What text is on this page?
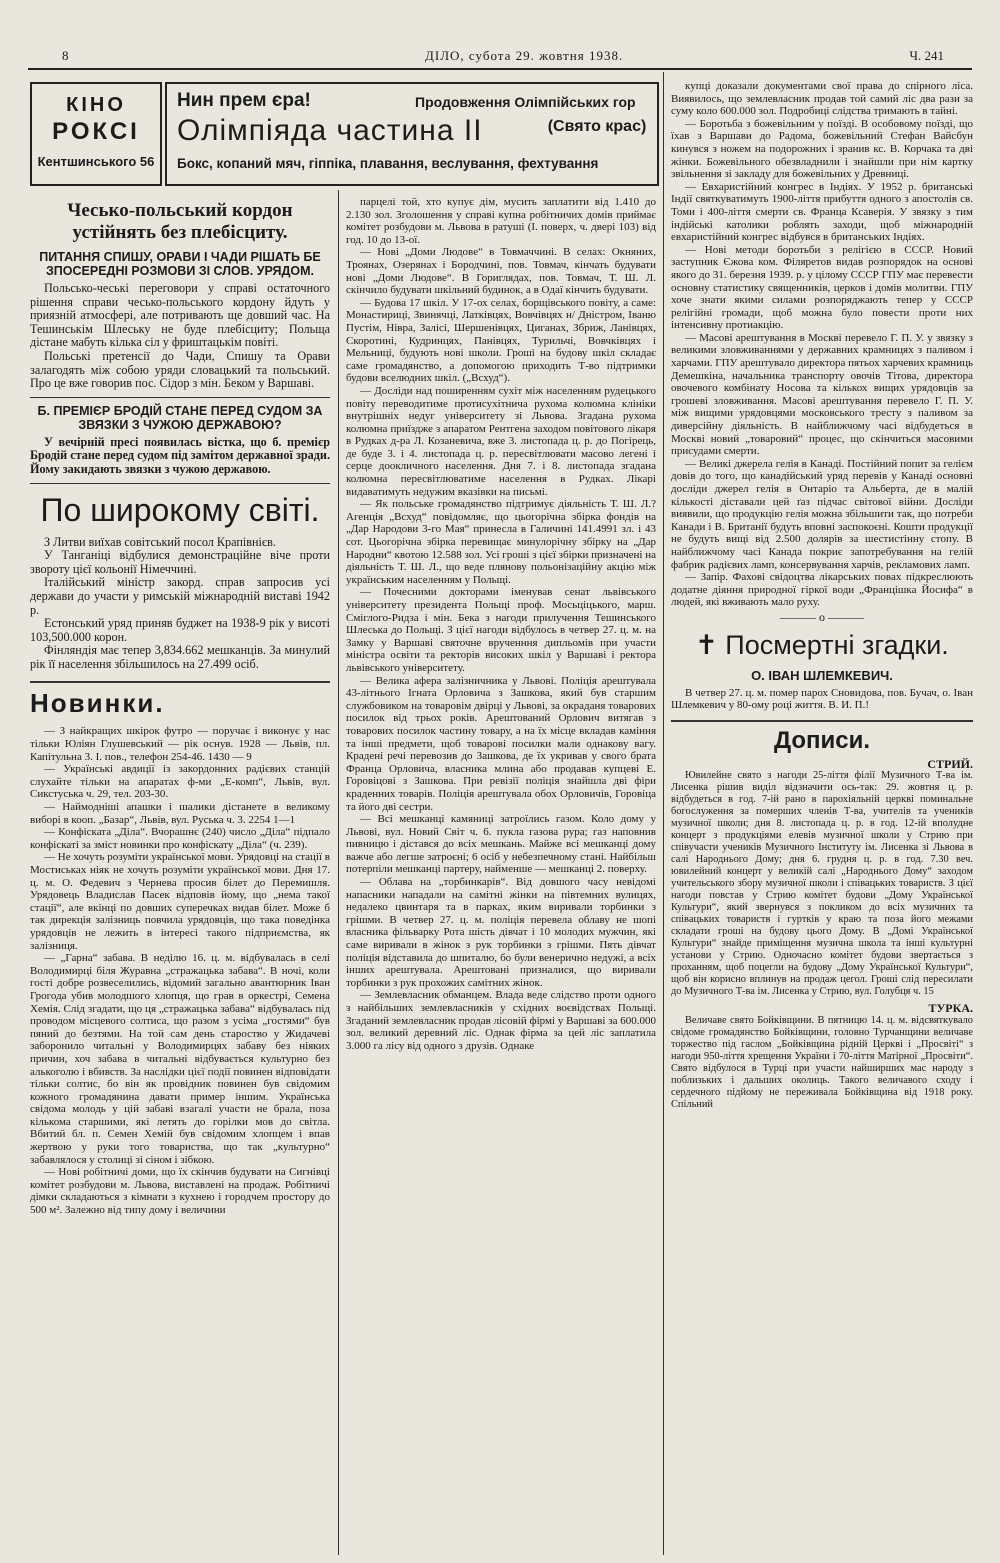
8	ДІЛО, субота 29. жовтня 1938.	Ч. 241
КІНО
РОКСІ
Кентшинського 56
Нин прем єра!	Продовження Олімпійських гор
Олімпіяда частина II	(Свято крас)
Бокс, копаний мяч, гіппіка, плавання, веслування, фехтування
Чесько-польський кордон устійнять без плебісциту.
ПИТАННЯ СПИШУ, ОРАВИ І ЧАДИ РІШАТЬ БЕ ЗПОСЕРЕДНІ РОЗМОВИ ЗІ СЛОВ. УРЯДОМ.

Польсько-чеські переговори у справі остаточного рішення справи чесько-польського кордону йдуть у приязній атмосфері, але потривають ще довший час. На Тешинськім Шлеську не буде плебісциту; Польща дістане мабуть кілька сіл у фриштацькім повіті.

Польські претенсії до Чади, Спишу та Орави залагодять між собою уряди словацький та польський. Про це вже говорив пос. Сідор з мін. Беком у Варшаві.

Б. ПРЕМІЄР БРОДІЙ СТАНЕ ПЕРЕД СУДОМ ЗА ЗВЯЗКИ З ЧУЖОЮ ДЕРЖАВОЮ?

У вечірній пресі появилась вістка, що б. премієр Бродій стане перед судом під замітом державної зради. Йому закидають звязки з чужою державою.

По широкому світі.

З Литви виїхав совітський посол Крапівнієв.

У Танганіці відбулися демонстраційне віче проти звороту цієї кольонії Німеччині.

Італійський міністр закорд. справ запросив усі держави до участи у римській міжнародній виставі 1942 р.

Естонський уряд приняв буджет на 1938-9 рік у висоті 103,500.000 корон.

Фінляндія має тепер 3,834.662 мешканців. За минулий рік її населення збільшилось на 27.499 осіб.

Новинки.

— З найкращих шкірок футро — поручає і виконує у нас тільки Юліян Глушевський — рік оснув. 1928 — Львів, пл. Капітульна 3. І. пов., телефон 254-46. 1430 — 9

— Українські авдиції із закордонних радієвих станцій слухайте тільки на апаратах ф-ми „Е-комп“, Львів, вул. Сикстуська ч. 29, тел. 203-30.

— Наймодніші апашки і шалики дістанете в великому виборі в кооп. „Базар“, Львів, вул. Руська ч. 3. 2254 1—1

— Конфіската „Діла“. Вчорашнє (240) число „Діла“ підпало конфіскаті за зміст новинки про конфіскату „Діла“ (ч. 239).

— Не хочуть розуміти української мови. Урядовці на стації в Мостиськах ніяк не хочуть розуміти української мови. Дня 17. ц. м. О. Федевич з Чернева просив білет до Перемишля. Урядовець Владислав Пасек відповів йому, що „нема такої стації“, але вкінці по довших суперечках видав білет. Може б так дирекція залізниць повчила урядовців, що така поведінка урядовців не лежить в інтересі такого підприємства, як залізниця.

— „Гарна“ забава. В неділю 16. ц. м. відбувалась в селі Володимирці біля Журавна „стражацька забава“. В ночі, коли гості добре розвеселились, відомий загально авантюрник Іван Грогода убив молодшого хлопця, що грав в оркестрі, Семена Хемія. Слід згадати, що ця „стражацька забава“ відбувалась під проводом місцевого солтиса, що разом з усіма „гостями“ був пяний до безтями. На той сам день староство у Жидачеві заборонило читальні у Володимирцях забаву без ніяких причин, хоч забава в читальні відбувається культурно без алькоголю і вбивств. За наслідки цієї події повинен відповідати тільки солтис, бо він як провідник повинен був свідомим кожного громадянина давати пример іншим. Українська свідома молодь у цій забаві взагалі участи не брала, поза кількома старшими, які летять до горілки мов до світла. Вбитий бл. п. Семен Хемій був свідомим хлопцем і впав жертвою у руки того товариства, що так „культурно“ забавлялося у столиці зі сіном і зібкою.

— Нові робітничі доми, що їх скінчив будувати на Сигнівці комітет розбудови м. Львова, виставлені на продаж. Робітничі дімки складаються з кімнати з кухнею і городчем простору до 500 м². Залежно від типу дому і величини

парцелі той, хто купує дім, мусить заплатити від 1.410 до 2.130 зол. Зголошення у справі купна робітничих домів приймає комітет розбудови м. Львова в ратуші (І. поверх, ч. двері 103) від год. 10 до 13-ої.

— Нові „Доми Людове“ в Товмаччині. В селах: Окняних, Троянах, Озерянах і Бородчині, пов. Товмач, кінчать будувати нові „Доми Людове“. В Гориглядах, пов. Товмач, Т. Ш. Л. скінчило будувати шкільний будинок, а в Одаї кінчить будувати.

— Будова 17 шкіл. У 17-ох селах, борщівського повіту, а саме: Монастириці, Звинячці, Латківцях, Вовчівцях н/ Дністром, Іваню Пустім, Нівра, Залісі, Шершенівцях, Циганах, Збриж, Ланівцях, Скоротині, Кудринцях, Панівцях, Турильчі, Вовчківцях і Мельниці, будують нові школи. Гроші на будову шкіл складає саме громадянство, а допомогою приходить Т-во підтримки будови вселюдних шкіл. („Всхуд“).

— Досліди над поширенням сухіт між населенням рудецького повіту переводитиме протисухітнича рухома колюмна клініки внутрішніх недуг університету зі Львова. Згадана рухома колюмна приїздже з апаратом Рентгена заходом повітового лікаря в Рудках д-ра Л. Козаневича, вже 3. листопада ц. р. до Погірець, де буде 3. і 4. листопада ц. р. пересвітлювати масово легені і серце доокличного населення. Дня 7. і 8. листопада згадана колюмна пересвітлюватиме населення в Рудках. Лікарі видаватимуть недужим вказівки на письмі.

— Як польське громадянство підтримує діяльність Т. Ш. Л.? Агенція „Всхуд“ повідомляє, що цьогорічна збірка фондів на „Дар Народови 3-го Мая“ принесла в Галичині 141.4991 зл. і 43 сот. Цьогорічна збірка перевищає минулорічну збірку на „Дар Народни“ квотою 12.588 зол. Усі гроші з цієї збірки призначені на діяльність Т. Ш. Л., що веде плянову польонізаційну акцію між українським населенням у Польщі.

— Почесними докторами іменував сенат львівського університету президента Польщі проф. Мосьціцького, марш. Сміглого-Ридза і мін. Бека з нагоди прилучення Тешинського Шлеська до Польщі. З цієї нагоди відбулось в четвер 27. ц. м. на Замку у Варшаві святочне врученння дипльомів при участи міністра освіти та ректорів високих шкіл у Варшаві і ректора львівського університету.

— Велика афера залізничника у Львові. Поліція арештувала 43-літнього Ігната Орловича з Зашкова, який був старшим службовиком на товаровім двірці у Львові, за окраданя товарових посилок від трьох років. Арештований Орлович витягав з товарових посилок частину товару, а на їх місце вкладав каміння та інші предмети, щоб товарові посилки мали однакову вагу. Крадені речі перевозив до Зашкова, де їх укривав у свого брата Франца Орловича, власника млина або продавав купцеві Е. Горовіцові з Зашкова. При ревізії поліція знайшла дві фіри краденних товарів. Поліція арештувала обох Орловичів, Горовіца та його дві сестри.

— Всі мешканці камяниці затроїлись газом. Коло дому у Львові, вул. Новий Світ ч. 6. пукла газова рура; газ наповнив пивницю і дістався до всіх мешкань. Майже всі мешканці дому важче або легше затроєні; 6 осіб у небезпечному стані. Найбільш потерпіли мешканці партеру, найменше — мешканці 2. поверху.

— Облава на „торбинкарів“. Від довшого часу невідомі напасники нападали на самітні жінки на півтемних вулицях, недалеко цвинтаря та в парках, яким виривали торбинки з грішми. В четвер 27. ц. м. поліція перевела облаву не шопі власника фільварку Рота шість дівчат і 10 молодих мужчин, які саме виривали в жінок з рук торбинки з грішми. Пять дівчат поліція відставила до шпиталю, бо були венерично недужі, а всіх інших арештувала. Арештовані призналися, що виривали торбинки з рук прохожих самітних жінок.

— Землевласник обманцем. Влада веде слідство проти одного з найбільших землевласників у східних воєвідствах Польщі. Згаданий землевласник продав лісовій фірмі у Варшаві за 600.000 зол. великий деревний ліс. Однак фірма за цей ліс заплатила 3.000 га лісу від одного з друзів. Однаке

купці доказали документами свої права до спірного ліса. Виявилось, що землевласник продав той самий ліс два рази за суму коло 600.000 зол. Подробиці слідства тримають в тайні.

— Боротьба з божевільним у поїзді. В особовому поїзді, що їхав з Варшави до Радома, божевільний Стефан Вайсбун кинувся з ножем на подорожних і зранив кс. В. Корчака та дві жінки. Божевільного обезвладнили і знайшли при нім картку звільнення зі закладу для божевільних у Древниці.

— Евхаристійний конгрес в Індіях. У 1952 р. британські Індії святкуватимуть 1900-ліття прибуття одного з апостолів св. Томи і 400-ліття смерти св. Франца Ксаверія. У звязку з тим індійські католики роблять заходи, щоб міжнародній евхаристійний конгрес відбувся в британських Індіях.

— Нові методи боротьби з релігією в СССР. Новий заступник Єжова ком. Філяретов видав розпорядок на основі якого до 31. березня 1939. р. у цілому СССР ГПУ має перевести основну статистику священників, церков і домів молитви. ГПУ хоче знати якими силами розпоряджають тепер у СССР релігійні громади, щоб можна було повести проти них інтенсивну протиакцію.

— Масові арештування в Москві перевело Г. П. У. у звязку з великими зловживаннями у державних крамницях з паливом і харчами. ГПУ арештувало директора пятьох харчевих крамниць Демешкіна, начальника транспорту овочів Тітова, директора овочевого комбінату Носова та кількох вищих урядовців за грошеві зловживання. Масові арештування перевело Г. П. У. між вищими урядовцями московського тресту з паливом за диверсійну діяльність. В найближчому часі відбудеться в Москві новий „товаровий“ процес, що скінчиться масовими присудами смерти.

— Великі джерела гелія в Канаді. Постійний попит за гелієм довів до того, що канадійський уряд перевів у Канаді основні досліди джерел гелія в Онтаріо та Альберта, де в малій кількості діставали цей ґаз підчас світової війни. Досліди виявили, що продукцію гелія можна збільшити так, що потреби Канади і В. Британії будуть вповні заспокоєні. Кошти продукції не будуть вищі від 2.500 долярів за шестистінну стопу. В найближчому часі Канада покриє запотребування на гелій фабрик радієвих ламп, консервування харчів, рекламових ламп.

— Запір. Фахові свідоцтва лікарських повах підкреслюють додатне діяння природної гіркої води „Францішка Йосифа“ в людей, які вживають мало руху.

——— o ———
✝ Посмертні згадки.
О. ІВАН ШЛЕМКЕВИЧ.

В четвер 27. ц. м. помер парох Сновидова, пов. Бучач, о. Іван Шлемкевич у 80-ому році життя. В. И. П.!

Дописи.
СТРИЙ.

Ювилейне свято з нагоди 25-ліття філії Музичного Т-ва ім. Лисенка рішив виділ відзначити ось-так: 29. жовтня ц. р. відбудеться в год. 7-ій рано в парохіяльній церкві поминальне богослуження за померших членів Т-ва, учителів та учеників музичної школи; дня 8. листопада ц. р. в год. 12-ій вполудне концерт з продукціями елевів музичної школи у Стрию при співучасти учеників Музичного Інституту ім. Лисенка зі Львова в салі Народнього Дому; дня 6. грудня ц. р. в год. 7.30 веч. ювилейний концерт у великій салі „Народнього Дому“ заходом учительського збору музичної школи і співацьких товариств. З цієї нагоди повстав у Стрию комітет будови „Дому Української Культури“, який звернувся з покликом до всіх музичних та співацьких товариств і гуртків у краю та поза його межами складати гроші на будову цього Дому. В „Домі Української Культури“ знайде приміщення музична школа та інші культурні установи у Стрию. Одночасно комітет будови звертається з проханням, щоб поцегли на будову „Дому Української Культури“, щоб він корисно вплинув на продаж цегол. Гроші слід пересилати до Музичного Т-ва ім. Лисенка у Стрию, вул. Голубця ч. 15

ТУРКА.

Величаве свято Бойківщини. В пятницю 14. ц. м. відсвяткувало свідоме громадянство Бойківщини, головно Турчанщини величаве торжество під гаслом „Бойківщина рідній Церкві і „Просвіті“ з нагоди 950-ліття хрещення України і 70-ліття Матірної „Просвіти“. Свято відбулося в Турці при участи найширших мас народу з поблизьких і дальших околиць. Такого величавого сходу і сердечного підйому не переживала Бойківщина від 1918 року. Спільний
